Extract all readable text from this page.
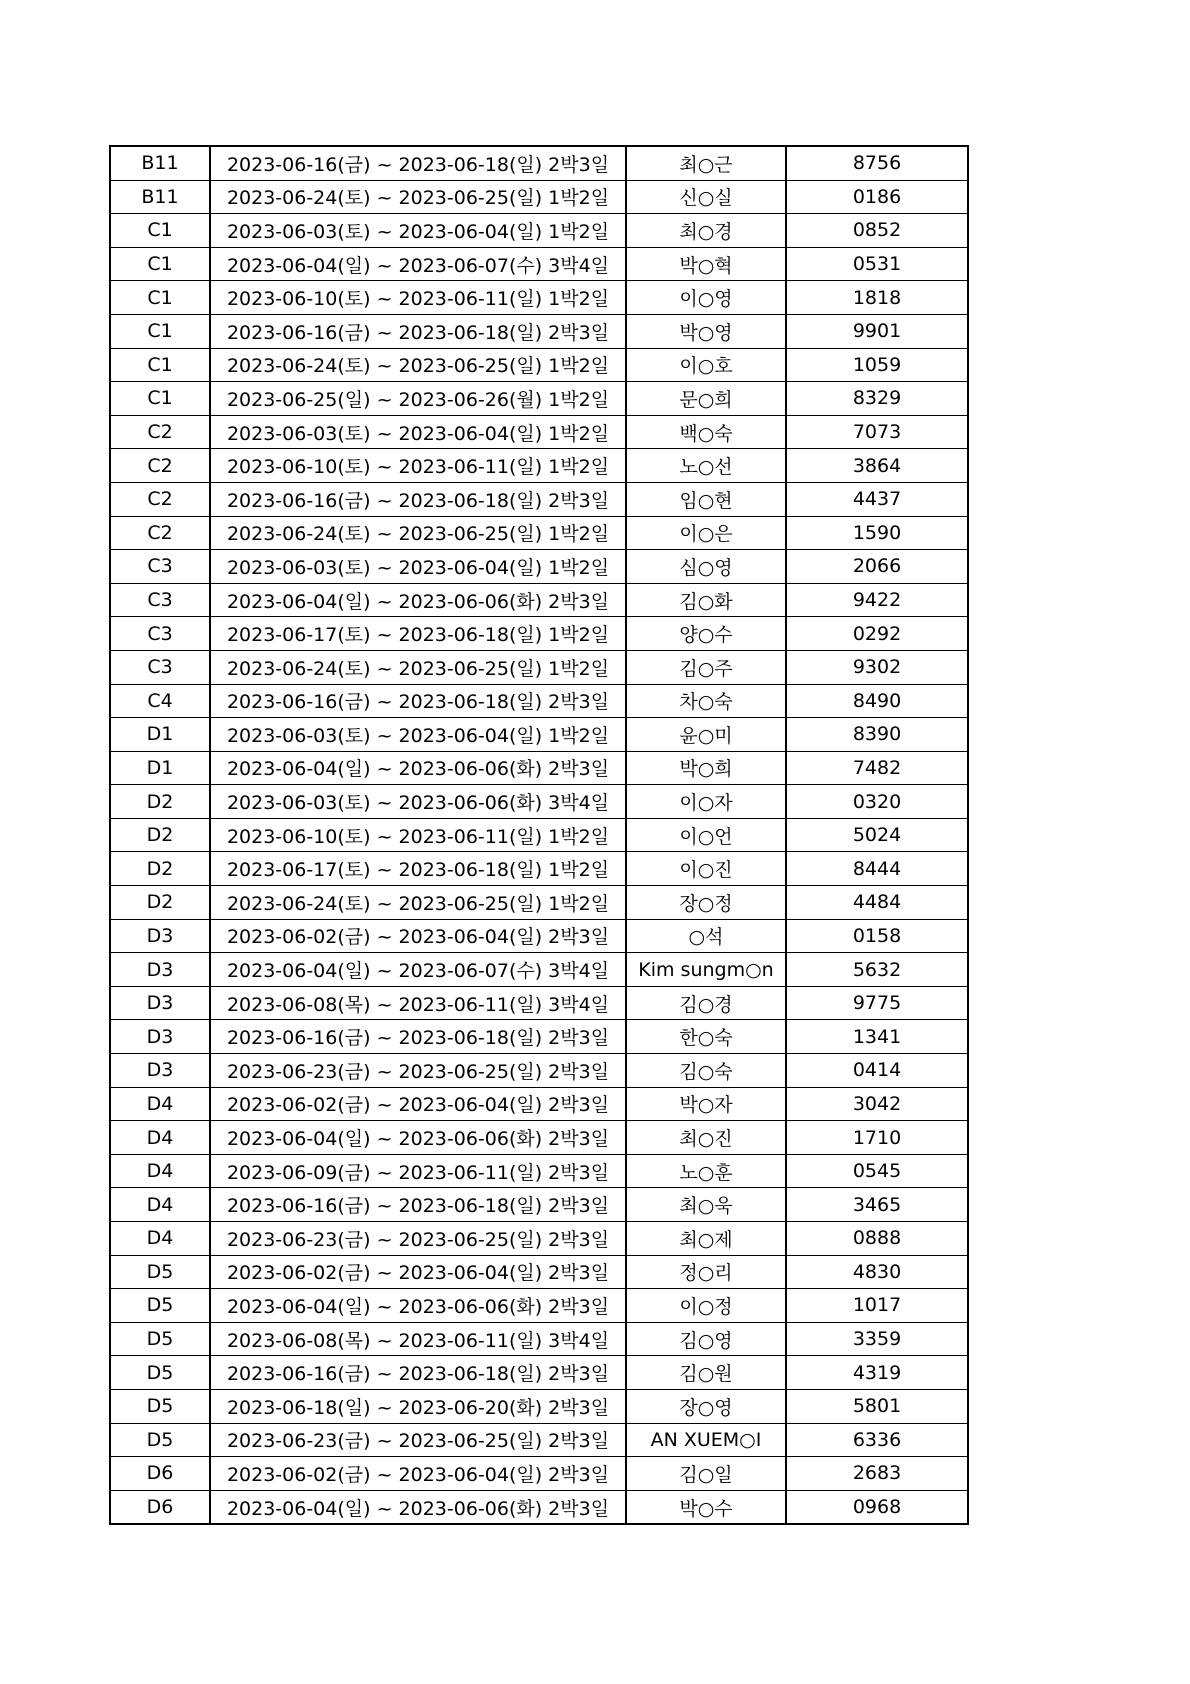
B11	2023-06-16(금) ~ 2023-06-18(일) 2박3일	최○근	8756
B11	2023-06-24(토) ~ 2023-06-25(일) 1박2일	신○실	0186
C1	2023-06-03(토) ~ 2023-06-04(일) 1박2일	최○경	0852
C1	2023-06-04(일) ~ 2023-06-07(수) 3박4일	박○혁	0531
C1	2023-06-10(토) ~ 2023-06-11(일) 1박2일	이○영	1818
C1	2023-06-16(금) ~ 2023-06-18(일) 2박3일	박○영	9901
C1	2023-06-24(토) ~ 2023-06-25(일) 1박2일	이○호	1059
C1	2023-06-25(일) ~ 2023-06-26(월) 1박2일	문○희	8329
C2	2023-06-03(토) ~ 2023-06-04(일) 1박2일	백○숙	7073
C2	2023-06-10(토) ~ 2023-06-11(일) 1박2일	노○선	3864
C2	2023-06-16(금) ~ 2023-06-18(일) 2박3일	임○현	4437
C2	2023-06-24(토) ~ 2023-06-25(일) 1박2일	이○은	1590
C3	2023-06-03(토) ~ 2023-06-04(일) 1박2일	심○영	2066
C3	2023-06-04(일) ~ 2023-06-06(화) 2박3일	김○화	9422
C3	2023-06-17(토) ~ 2023-06-18(일) 1박2일	양○수	0292
C3	2023-06-24(토) ~ 2023-06-25(일) 1박2일	김○주	9302
C4	2023-06-16(금) ~ 2023-06-18(일) 2박3일	차○숙	8490
D1	2023-06-03(토) ~ 2023-06-04(일) 1박2일	윤○미	8390
D1	2023-06-04(일) ~ 2023-06-06(화) 2박3일	박○희	7482
D2	2023-06-03(토) ~ 2023-06-06(화) 3박4일	이○자	0320
D2	2023-06-10(토) ~ 2023-06-11(일) 1박2일	이○언	5024
D2	2023-06-17(토) ~ 2023-06-18(일) 1박2일	이○진	8444
D2	2023-06-24(토) ~ 2023-06-25(일) 1박2일	장○정	4484
D3	2023-06-02(금) ~ 2023-06-04(일) 2박3일	○석	0158
D3	2023-06-04(일) ~ 2023-06-07(수) 3박4일	Kim sungm○n	5632
D3	2023-06-08(목) ~ 2023-06-11(일) 3박4일	김○경	9775
D3	2023-06-16(금) ~ 2023-06-18(일) 2박3일	한○숙	1341
D3	2023-06-23(금) ~ 2023-06-25(일) 2박3일	김○숙	0414
D4	2023-06-02(금) ~ 2023-06-04(일) 2박3일	박○자	3042
D4	2023-06-04(일) ~ 2023-06-06(화) 2박3일	최○진	1710
D4	2023-06-09(금) ~ 2023-06-11(일) 2박3일	노○훈	0545
D4	2023-06-16(금) ~ 2023-06-18(일) 2박3일	최○욱	3465
D4	2023-06-23(금) ~ 2023-06-25(일) 2박3일	최○제	0888
D5	2023-06-02(금) ~ 2023-06-04(일) 2박3일	정○리	4830
D5	2023-06-04(일) ~ 2023-06-06(화) 2박3일	이○정	1017
D5	2023-06-08(목) ~ 2023-06-11(일) 3박4일	김○영	3359
D5	2023-06-16(금) ~ 2023-06-18(일) 2박3일	김○원	4319
D5	2023-06-18(일) ~ 2023-06-20(화) 2박3일	장○영	5801
D5	2023-06-23(금) ~ 2023-06-25(일) 2박3일	AN XUEM○I	6336
D6	2023-06-02(금) ~ 2023-06-04(일) 2박3일	김○일	2683
D6	2023-06-04(일) ~ 2023-06-06(화) 2박3일	박○수	0968
